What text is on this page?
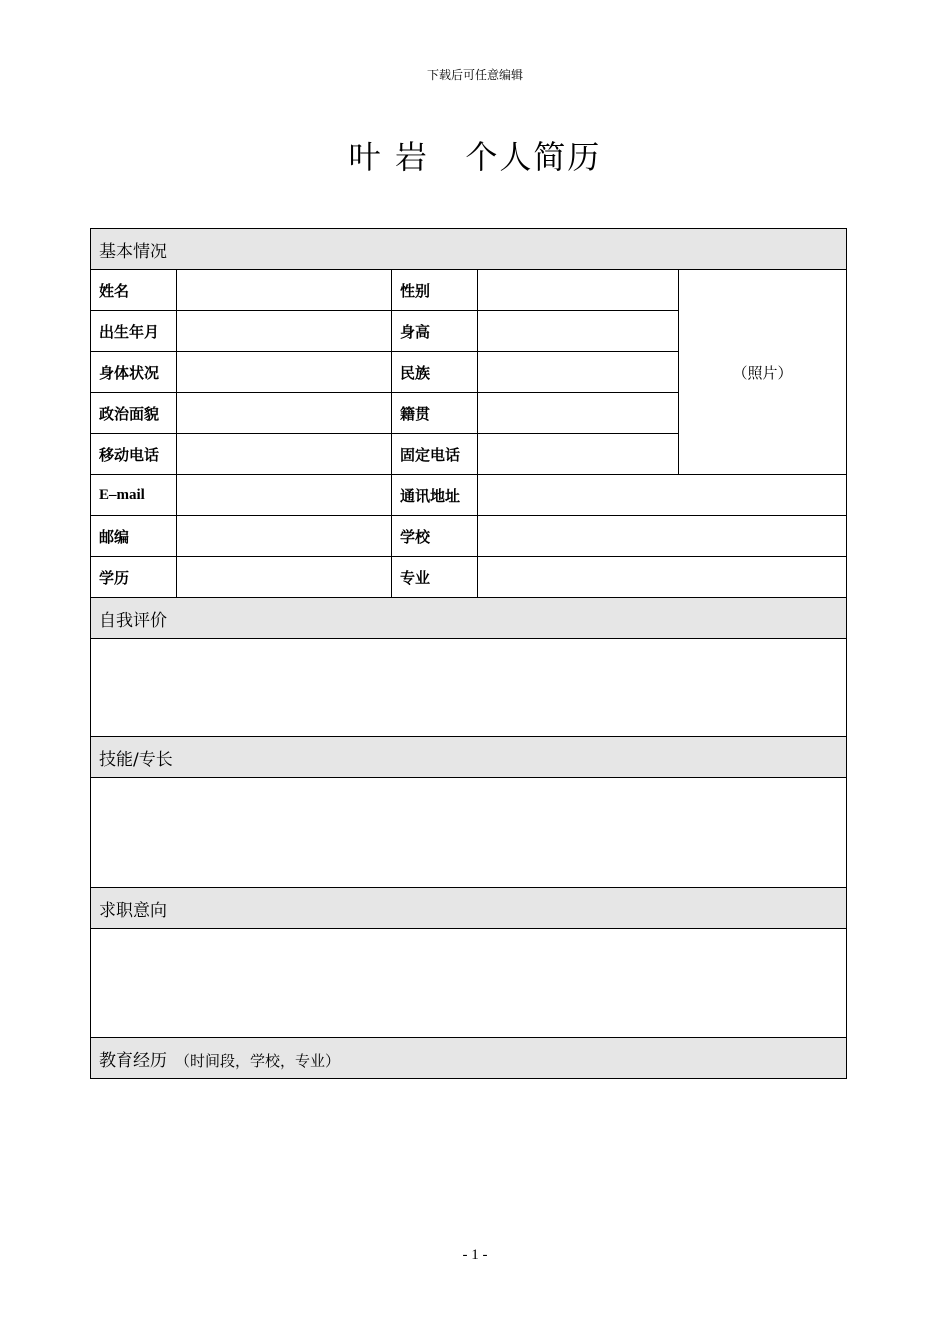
下载后可任意编辑
叶 岩   个人简历
基本情况				
姓名		性别		（照片）
出生年月		身高		
身体状况		民族		
政治面貌		籍贯		
移动电话		固定电话		
E–mail		通讯地址		
邮编		学校		
学历		专业		
自我评价				

技能/专长				

求职意向				

教育经历 （时间段，学校，专业）				
- 1 -
